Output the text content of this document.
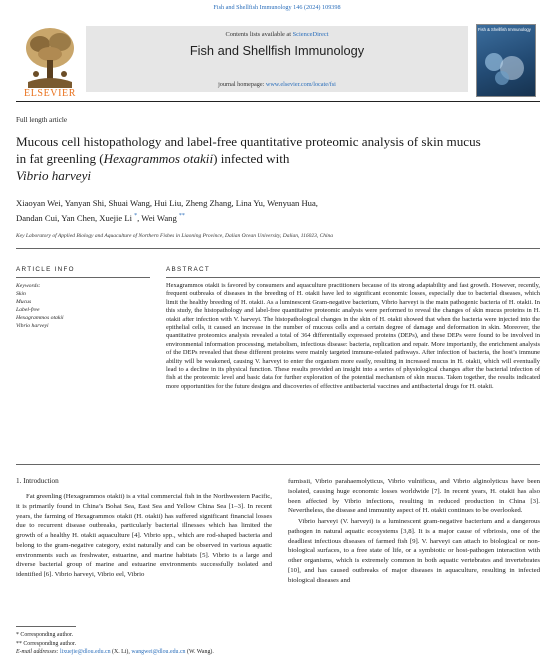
Fish and Shellfish Immunology 146 (2024) 109398
ELSEVIER
Contents lists available at ScienceDirect
Fish and Shellfish Immunology
journal homepage: www.elsevier.com/locate/fsi
Fish & Shellfish Immunology
Full length article
Mucous cell histopathology and label-free quantitative proteomic analysis of skin mucus in fat greenling (Hexagrammos otakii) infected with
Vibrio harveyi
Xiaoyan Wei, Yanyan Shi, Shuai Wang, Hui Liu, Zheng Zhang, Lina Yu, Wenyuan Hua,
Dandan Cui, Yan Chen, Xuejie Li *, Wei Wang **
Key Laboratory of Applied Biology and Aquaculture of Northern Fishes in Liaoning Province, Dalian Ocean University, Dalian, 116023, China
ARTICLE INFO
Keywords:
Skin
Mucus
Label-free
Hexagrammos otakii
Vibrio harveyi
ABSTRACT
Hexagrammos otakii is favored by consumers and aquaculture practitioners because of its strong adaptability and fast growth. However, recently, frequent outbreaks of diseases in the breeding of H. otakii have led to significant economic losses, especially due to bacterial diseases, which limit the healthy breeding of H. otakii. As a luminescent Gram-negative bacterium, Vibrio harveyi is the main pathogenic bacteria of H. otakii. In this study, the histopathology and label-free quantitative proteomic analysis were performed to reveal the changes of skin mucus proteins in H. otakii after infection with V. harveyi. The histopathological changes in the skin of H. otakii showed that when the bacteria were injected into the epithelial cells, it caused an increase in the number of mucous cells and a certain degree of damage and deformation in skin. Moreover, the quantitative proteomics analysis revealed a total of 364 differentially expressed proteins (DEPs), and these DEPs were found to be involved in environmental information processing, metabolism, infectious disease: bacteria, replication and repair. More importantly, the enrichment analysis of the DEPs revealed that these different proteins were mainly targeted immune-related pathways. After infection of bacteria, the host’s immune ability will be weakened, causing V. harveyi to enter the organism more easily, resulting in increased mucus in H. otakii, which will eventually lead to a decline in its physical function. These results provided an insight into a series of physiological changes after the bacterial infection of fish at the proteomic level and basic data for further exploration of the potential mechanism of skin mucus. Taken together, the results indicated more opportunities for the future designs and discoveries of effective antibacterial vaccines and antibacterial drugs for H. otakii.
1. Introduction
Fat greenling (Hexagrammos otakii) is a vital commercial fish in the Northwestern Pacific, it is primarily found in China’s Bohai Sea, East Sea and Yellow China Sea [1–3]. In recent years, the farming of Hexagrammos otakii (H. otakii) has suffered significant financial losses due to recurrent disease outbreaks, particularly bacterial illnesses which has limited the growth of a healthy H. otakii aquaculture [4]. Vibrio spp., which are rod-shaped bacteria and belong to the gram-negative category, exist naturally and can be observed in various aquatic environments such as freshwater, estuarine, and marine habitats [5]. Vibrio is a large and diverse bacterial group of marine and estuarine environments successfully isolated and identified [6]. Vibrio harveyi, Vibrio eel, Vibrio
furnissii, Vibrio parahaemolyticus, Vibrio vulnificus, and Vibrio alginolyticus have been isolated, causing huge economic losses worldwide [7]. In recent years, H. otakii has also been affected by Vibrio infections, resulting in reduced production in China [3]. Nevertheless, the disease and immunity aspect of H. otakii continues to be overlooked.
Vibrio harveyi (V. harveyi) is a luminescent gram-negative bacterium and a dangerous pathogen in natural aquatic ecosystems [3,8]. It is a major cause of vibriosis, one of the deadliest infectious diseases of farmed fish [9]. V. harveyi can attach to biological or non-biological surfaces, to a free state of life, or a symbiotic or host-pathogen interaction with other organisms, which is extremely common in both aquatic vertebrates and invertebrates [10], and has caused outbreaks of major diseases in aquaculture, resulting in infected biological diseases and
* Corresponding author.
** Corresponding author.
E-mail addresses: lixuejie@dlou.edu.cn (X. Li), wangwei@dlou.edu.cn (W. Wang).
